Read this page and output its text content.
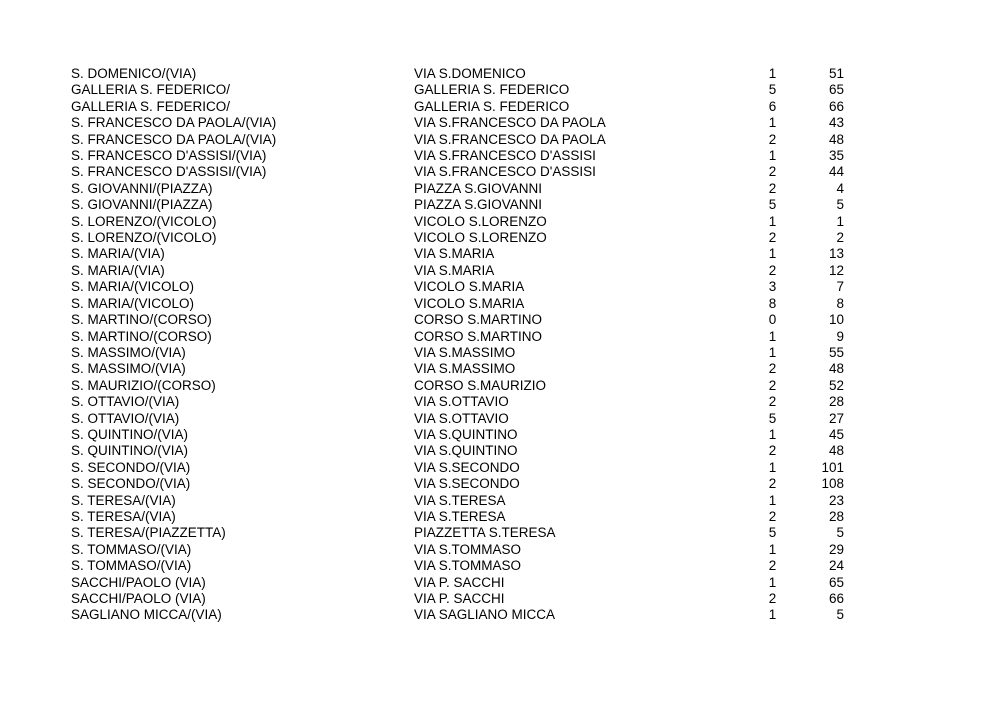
S. DOMENICO/(VIA)	VIA S.DOMENICO	1	51
GALLERIA S. FEDERICO/	GALLERIA S. FEDERICO	5	65
GALLERIA S. FEDERICO/	GALLERIA S. FEDERICO	6	66
S. FRANCESCO DA PAOLA/(VIA)	VIA S.FRANCESCO DA PAOLA	1	43
S. FRANCESCO DA PAOLA/(VIA)	VIA S.FRANCESCO DA PAOLA	2	48
S. FRANCESCO D'ASSISI/(VIA)	VIA S.FRANCESCO D'ASSISI	1	35
S. FRANCESCO D'ASSISI/(VIA)	VIA S.FRANCESCO D'ASSISI	2	44
S. GIOVANNI/(PIAZZA)	PIAZZA S.GIOVANNI	2	4
S. GIOVANNI/(PIAZZA)	PIAZZA S.GIOVANNI	5	5
S. LORENZO/(VICOLO)	VICOLO S.LORENZO	1	1
S. LORENZO/(VICOLO)	VICOLO S.LORENZO	2	2
S. MARIA/(VIA)	VIA S.MARIA	1	13
S. MARIA/(VIA)	VIA S.MARIA	2	12
S. MARIA/(VICOLO)	VICOLO S.MARIA	3	7
S. MARIA/(VICOLO)	VICOLO S.MARIA	8	8
S. MARTINO/(CORSO)	CORSO S.MARTINO	0	10
S. MARTINO/(CORSO)	CORSO S.MARTINO	1	9
S. MASSIMO/(VIA)	VIA S.MASSIMO	1	55
S. MASSIMO/(VIA)	VIA S.MASSIMO	2	48
S. MAURIZIO/(CORSO)	CORSO S.MAURIZIO	2	52
S. OTTAVIO/(VIA)	VIA S.OTTAVIO	2	28
S. OTTAVIO/(VIA)	VIA S.OTTAVIO	5	27
S. QUINTINO/(VIA)	VIA S.QUINTINO	1	45
S. QUINTINO/(VIA)	VIA S.QUINTINO	2	48
S. SECONDO/(VIA)	VIA S.SECONDO	1	101
S. SECONDO/(VIA)	VIA S.SECONDO	2	108
S. TERESA/(VIA)	VIA S.TERESA	1	23
S. TERESA/(VIA)	VIA S.TERESA	2	28
S. TERESA/(PIAZZETTA)	PIAZZETTA S.TERESA	5	5
S. TOMMASO/(VIA)	VIA S.TOMMASO	1	29
S. TOMMASO/(VIA)	VIA S.TOMMASO	2	24
SACCHI/PAOLO (VIA)	VIA P. SACCHI	1	65
SACCHI/PAOLO (VIA)	VIA P. SACCHI	2	66
SAGLIANO MICCA/(VIA)	VIA SAGLIANO MICCA	1	5
